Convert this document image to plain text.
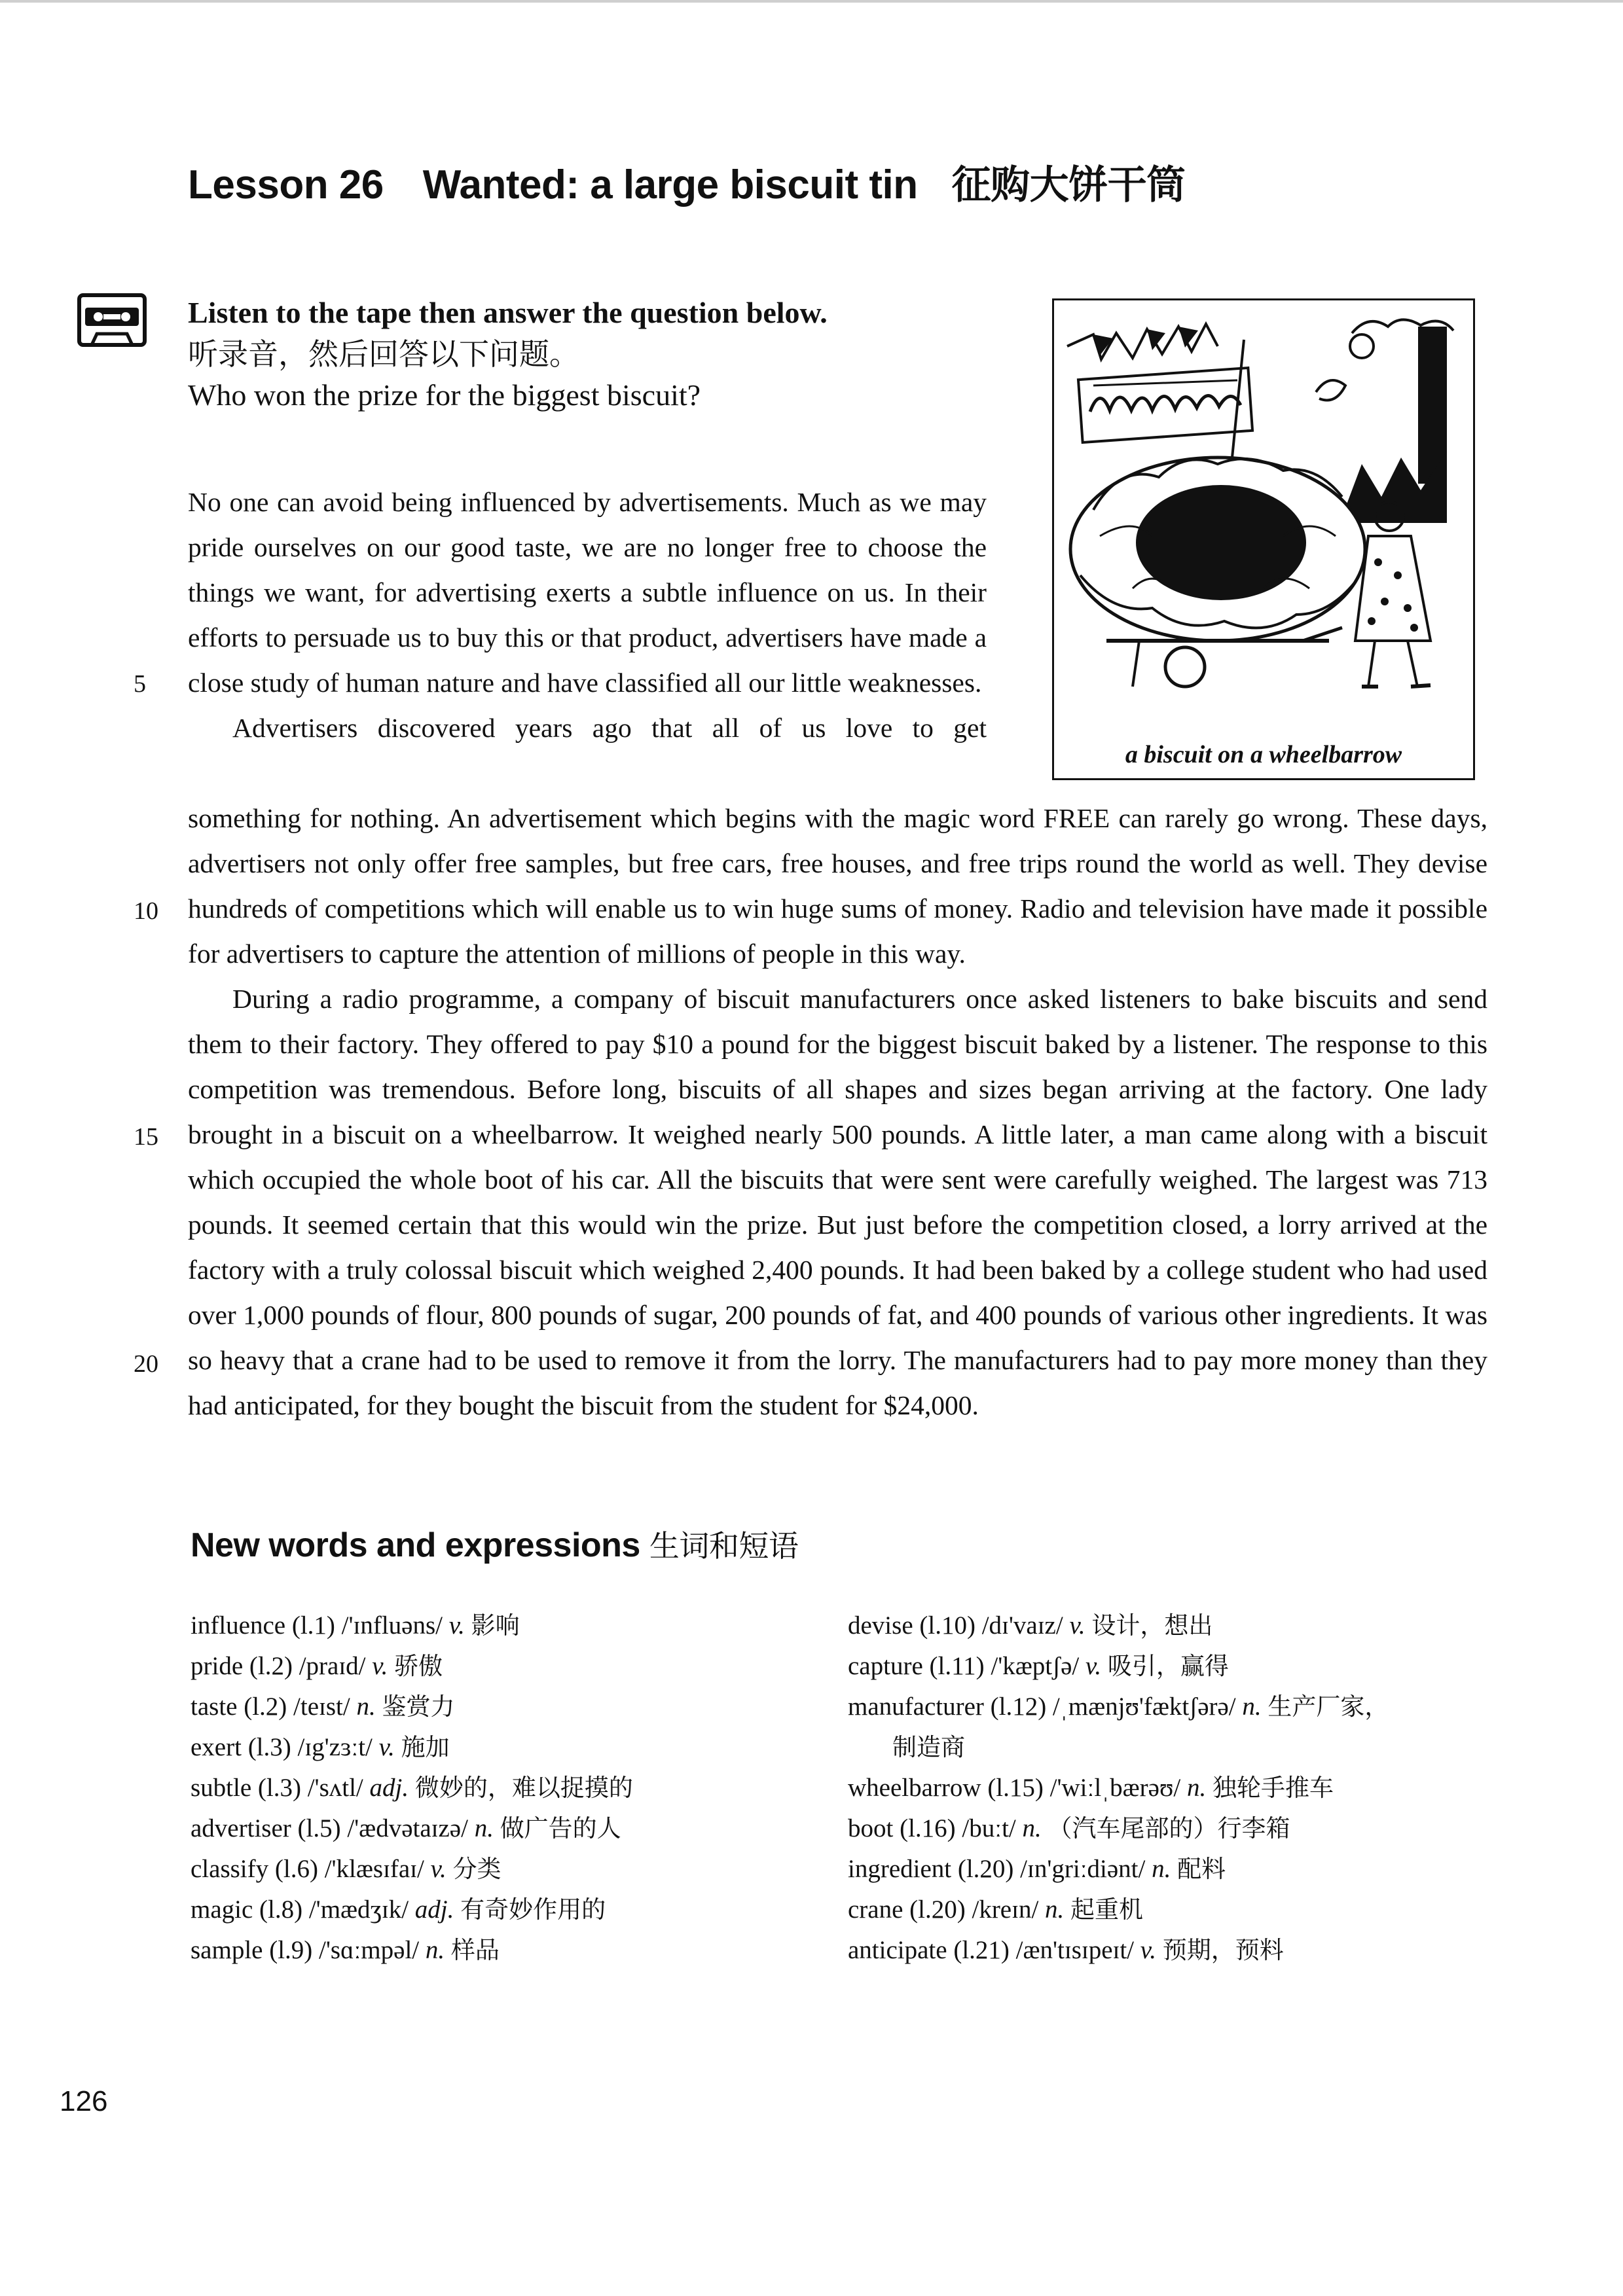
Lesson 26 Wanted: a large biscuit tin 征购大饼干筒
Listen to the tape then answer the question below.
听录音，然后回答以下问题。
Who won the prize for the biggest biscuit?
a biscuit on a wheelbarrow
5
10
15
20

No one can avoid being influenced by advertisements. Much as we may pride ourselves on our good taste, we are no longer free to choose the things we want, for advertising exerts a subtle influence on us. In their efforts to persuade us to buy this or that product, advertisers have made a close study of human nature and have classified all our little weaknesses.

Advertisers discovered years ago that all of us love to get

something for nothing. An advertisement which begins with the magic word FREE can rarely go wrong. These days, advertisers not only offer free samples, but free cars, free houses, and free trips round the world as well. They devise hundreds of competitions which will enable us to win huge sums of money. Radio and television have made it possible for advertisers to capture the attention of millions of people in this way.

During a radio programme, a company of biscuit manufacturers once asked listeners to bake biscuits and send them to their factory. They offered to pay $10 a pound for the biggest biscuit baked by a listener. The response to this competition was tremendous. Before long, biscuits of all shapes and sizes began arriving at the factory. One lady brought in a biscuit on a wheelbarrow. It weighed nearly 500 pounds. A little later, a man came along with a biscuit which occupied the whole boot of his car. All the biscuits that were sent were carefully weighed. The largest was 713 pounds. It seemed certain that this would win the prize. But just before the competition closed, a lorry arrived at the factory with a truly colossal biscuit which weighed 2,400 pounds. It had been baked by a college student who had used over 1,000 pounds of flour, 800 pounds of sugar, 200 pounds of fat, and 400 pounds of various other ingredients. It was so heavy that a crane had to be used to remove it from the lorry. The manufacturers had to pay more money than they had anticipated, for they bought the biscuit from the student for $24,000.

New words and expressions 生词和短语
influence (l.1) /'ɪnfluəns/ v. 影响
pride (l.2) /praɪd/ v. 骄傲
taste (l.2) /teɪst/ n. 鉴赏力
exert (l.3) /ɪg'zɜːt/ v. 施加
subtle (l.3) /'sʌtl/ adj. 微妙的，难以捉摸的
advertiser (l.5) /'ædvətaɪzə/ n. 做广告的人
classify (l.6) /'klæsɪfaɪ/ v. 分类
magic (l.8) /'mædʒɪk/ adj. 有奇妙作用的
sample (l.9) /'sɑːmpəl/ n. 样品
devise (l.10) /dɪ'vaɪz/ v. 设计，想出
capture (l.11) /'kæptʃə/ v. 吸引，赢得
manufacturer (l.12) /ˌmænjʊ'fæktʃərə/ n. 生产厂家，
制造商
wheelbarrow (l.15) /'wiːlˌbærəʊ/ n. 独轮手推车
boot (l.16) /buːt/ n. （汽车尾部的）行李箱
ingredient (l.20) /ɪn'griːdiənt/ n. 配料
crane (l.20) /kreɪn/ n. 起重机
anticipate (l.21) /æn'tɪsɪpeɪt/ v. 预期，预料
126
